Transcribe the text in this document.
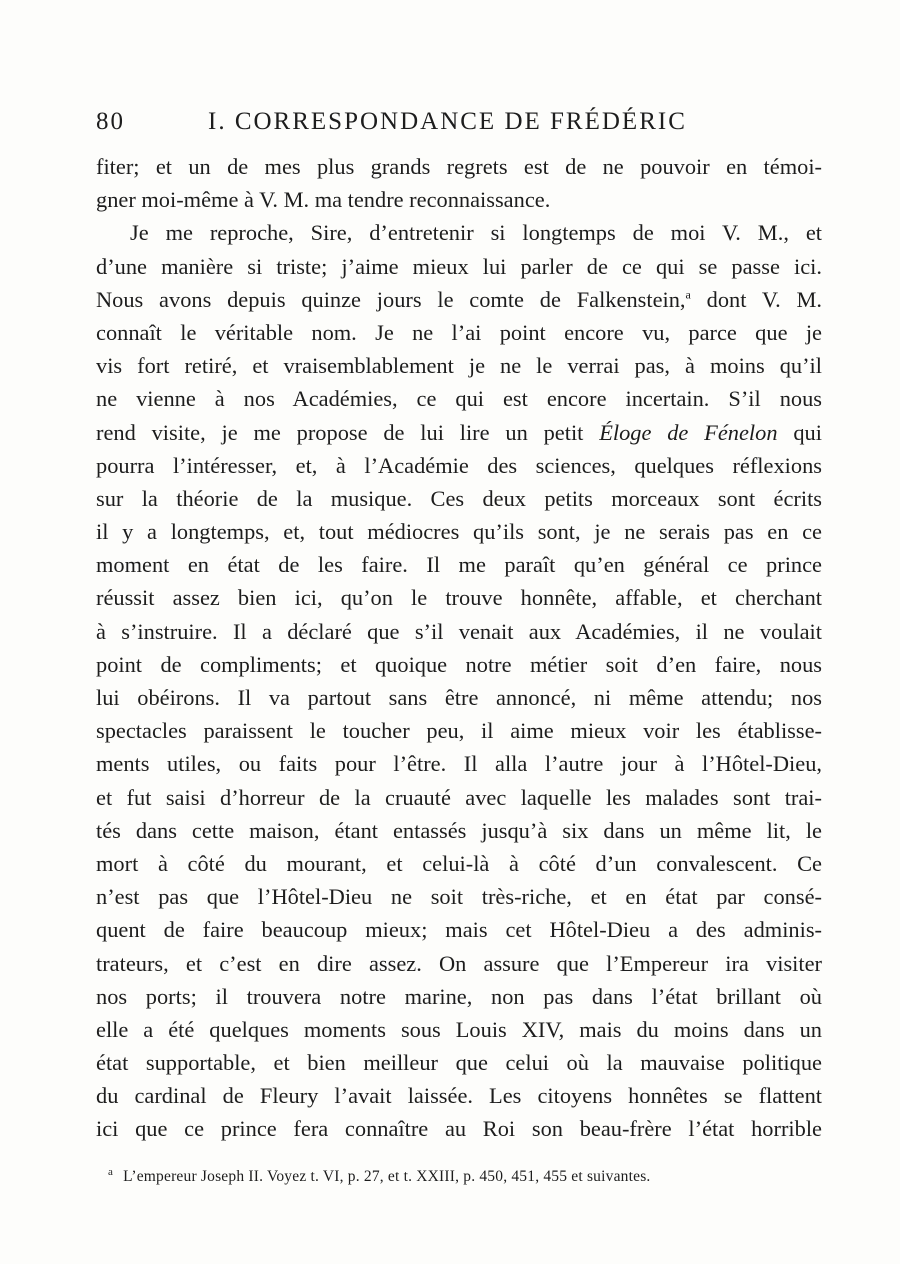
80	I. CORRESPONDANCE DE FRÉDÉRIC
fiter; et un de mes plus grands regrets est de ne pouvoir en témoi-
gner moi-même à V. M. ma tendre reconnaissance.
Je me reproche, Sire, d’entretenir si longtemps de moi V. M., et
d’une manière si triste; j’aime mieux lui parler de ce qui se passe ici.
Nous avons depuis quinze jours le comte de Falkenstein,$^a$ dont V. M.
connaît le véritable nom. Je ne l’ai point encore vu, parce que je
vis fort retiré, et vraisemblablement je ne le verrai pas, à moins qu’il
ne vienne à nos Académies, ce qui est encore incertain. S’il nous
rend visite, je me propose de lui lire un petit Éloge de Fénelon qui
pourra l’intéresser, et, à l’Académie des sciences, quelques réflexions
sur la théorie de la musique. Ces deux petits morceaux sont écrits
il y a longtemps, et, tout médiocres qu’ils sont, je ne serais pas en ce
moment en état de les faire. Il me paraît qu’en général ce prince
réussit assez bien ici, qu’on le trouve honnête, affable, et cherchant
à s’instruire. Il a déclaré que s’il venait aux Académies, il ne voulait
point de compliments; et quoique notre métier soit d’en faire, nous
lui obéirons. Il va partout sans être annoncé, ni même attendu; nos
spectacles paraissent le toucher peu, il aime mieux voir les établisse-
ments utiles, ou faits pour l’être. Il alla l’autre jour à l’Hôtel-Dieu,
et fut saisi d’horreur de la cruauté avec laquelle les malades sont trai-
tés dans cette maison, étant entassés jusqu’à six dans un même lit, le
mort à côté du mourant, et celui-là à côté d’un convalescent. Ce
n’est pas que l’Hôtel-Dieu ne soit très-riche, et en état par consé-
quent de faire beaucoup mieux; mais cet Hôtel-Dieu a des adminis-
trateurs, et c’est en dire assez. On assure que l’Empereur ira visiter
nos ports; il trouvera notre marine, non pas dans l’état brillant où
elle a été quelques moments sous Louis XIV, mais du moins dans un
état supportable, et bien meilleur que celui où la mauvaise politique
du cardinal de Fleury l’avait laissée. Les citoyens honnêtes se flattent
ici que ce prince fera connaître au Roi son beau-frère l’état horrible
$^a$ L’empereur Joseph II. Voyez t. VI, p. 27, et t. XXIII, p. 450, 451, 455 et suivantes.
